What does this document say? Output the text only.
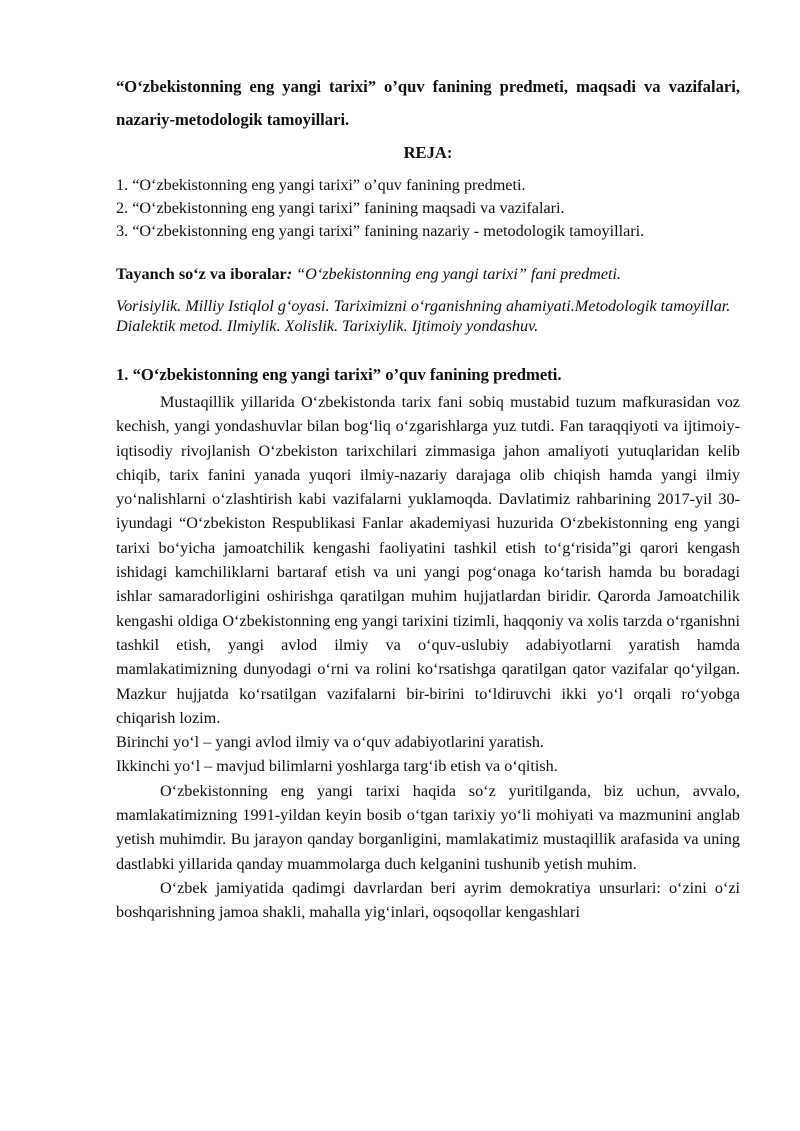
“O‘zbekistonning eng yangi tarixi” o’quv fanining predmeti, maqsadi va vazifalari, nazariy-metodologik tamoyillari.

REJA:
1. “O‘zbekistonning eng yangi tarixi” o’quv fanining predmeti.
2. “O‘zbekistonning eng yangi tarixi” fanining maqsadi va vazifalari.
3. “O‘zbekistonning eng yangi tarixi” fanining nazariy - metodologik tamoyillari.
Tayanch so‘z va iboralar: “O‘zbekistonning eng yangi tarixi” fani predmeti.
Vorisiylik. Milliy Istiqlol g‘oyasi. Tariximizni o‘rganishning ahamiyati.Metodologik tamoyillar. Dialektik metod. Ilmiylik. Xolislik. Tarixiylik. Ijtimoiy yondashuv.
1. “O‘zbekistonning eng yangi tarixi” o’quv fanining predmeti.

Mustaqillik yillarida O‘zbekistonda tarix fani sobiq mustabid tuzum mafkurasidan voz kechish, yangi yondashuvlar bilan bog‘liq o‘zgarishlarga yuz tutdi. Fan taraqqiyoti va ijtimoiy-iqtisodiy rivojlanish O‘zbekiston tarixchilari zimmasiga jahon amaliyoti yutuqlaridan kelib chiqib, tarix fanini yanada yuqori ilmiy-nazariy darajaga olib chiqish hamda yangi ilmiy yo‘nalishlarni o‘zlashtirish kabi vazifalarni yuklamoqda. Davlatimiz rahbarining 2017-yil 30-iyundagi “O‘zbekiston Respublikasi Fanlar akademiyasi huzurida O‘zbekistonning eng yangi tarixi bo‘yicha jamoatchilik kengashi faoliyatini tashkil etish to‘g‘risida”gi qarori kengash ishidagi kamchiliklarni bartaraf etish va uni yangi pog‘onaga ko‘tarish hamda bu boradagi ishlar samaradorligini oshirishga qaratilgan muhim hujjatlardan biridir. Qarorda Jamoatchilik kengashi oldiga O‘zbekistonning eng yangi tarixini tizimli, haqqoniy va xolis tarzda o‘rganishni tashkil etish, yangi avlod ilmiy va o‘quv-uslubiy adabiyotlarni yaratish hamda mamlakatimizning dunyodagi o‘rni va rolini ko‘rsatishga qaratilgan qator vazifalar qo‘yilgan. Mazkur hujjatda ko‘rsatilgan vazifalarni bir-birini to‘ldiruvchi ikki yo‘l orqali ro‘yobga chiqarish lozim.

Birinchi yo‘l – yangi avlod ilmiy va o‘quv adabiyotlarini yaratish.

Ikkinchi yo‘l – mavjud bilimlarni yoshlarga targ‘ib etish va o‘qitish.

O‘zbekistonning eng yangi tarixi haqida so‘z yuritilganda, biz uchun, avvalo, mamlakatimizning 1991-yildan keyin bosib o‘tgan tarixiy yo‘li mohiyati va mazmunini anglab yetish muhimdir. Bu jarayon qanday borganligini, mamlakatimiz mustaqillik arafasida va uning dastlabki yillarida qanday muammolarga duch kelganini tushunib yetish muhim.

O‘zbek jamiyatida qadimgi davrlardan beri ayrim demokratiya unsurlari: o‘zini o‘zi boshqarishning jamoa shakli, mahalla yig‘inlari, oqsoqollar kengashlari
